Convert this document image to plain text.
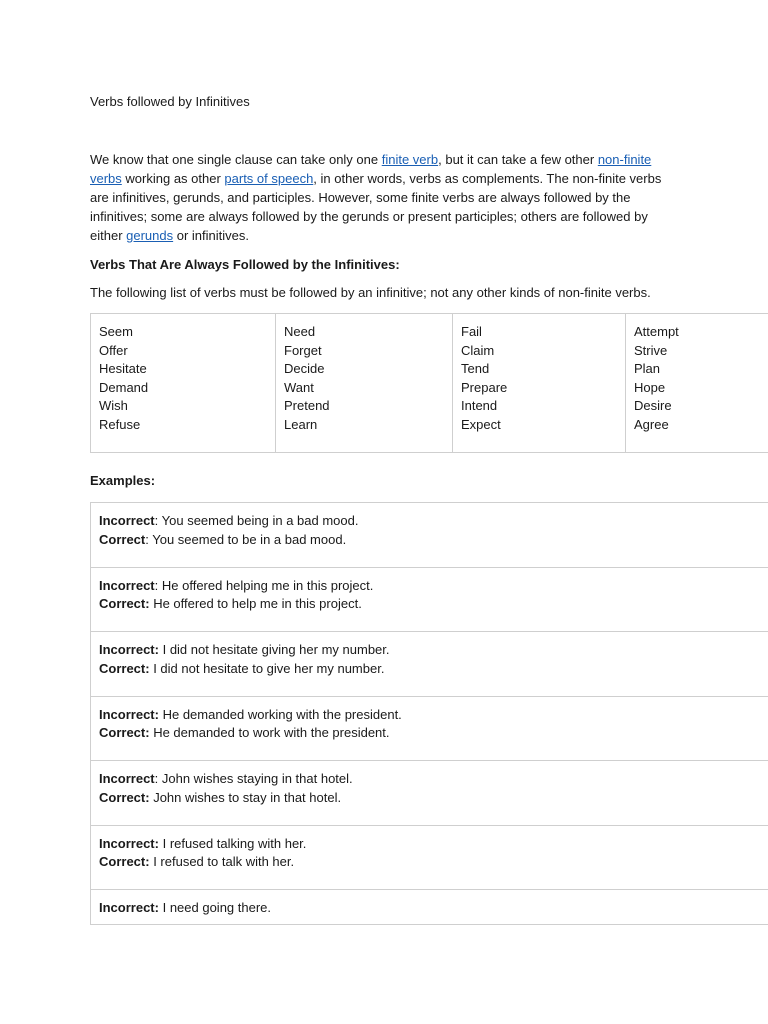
Verbs followed by Infinitives
We know that one single clause can take only one finite verb, but it can take a few other non-finite verbs working as other parts of speech, in other words, verbs as complements. The non-finite verbs are infinitives, gerunds, and participles. However, some finite verbs are always followed by the infinitives; some are always followed by the gerunds or present participles; others are followed by either gerunds or infinitives.
Verbs That Are Always Followed by the Infinitives:
The following list of verbs must be followed by an infinitive; not any other kinds of non-finite verbs.
Seem
Offer
Hesitate
Demand
Wish
Refuse
Need
Forget
Decide
Want
Pretend
Learn
Fail
Claim
Tend
Prepare
Intend
Expect
Attempt
Strive
Plan
Hope
Desire
Agree
Examples:
Incorrect: You seemed being in a bad mood.
Correct: You seemed to be in a bad mood.
Incorrect: He offered helping me in this project.
Correct: He offered to help me in this project.
Incorrect: I did not hesitate giving her my number.
Correct: I did not hesitate to give her my number.
Incorrect: He demanded working with the president.
Correct: He demanded to work with the president.
Incorrect: John wishes staying in that hotel.
Correct: John wishes to stay in that hotel.
Incorrect: I refused talking with her.
Correct: I refused to talk with her.
Incorrect: I need going there.
